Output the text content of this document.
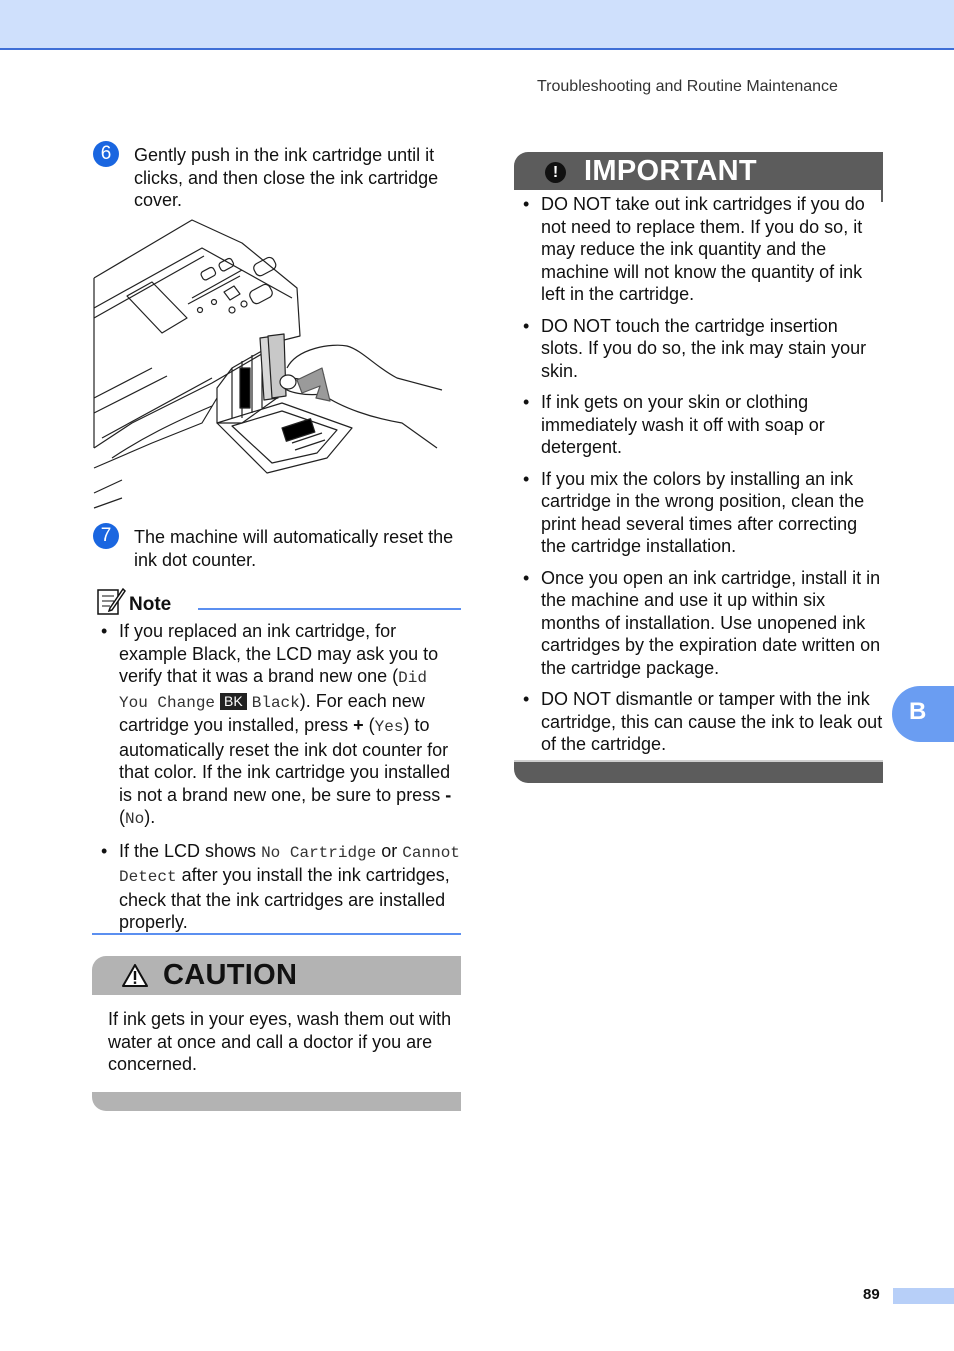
Troubleshooting and Routine Maintenance
6	Gently push in the ink cartridge until it clicks, and then close the ink cartridge cover.
7	The machine will automatically reset the ink dot counter.
Note
• If you replaced an ink cartridge, for example Black, the LCD may ask you to verify that it was a brand new one (Did You Change BK Black). For each new cartridge you installed, press + (Yes) to automatically reset the ink dot counter for that color. If the ink cartridge you installed is not a brand new one, be sure to press - (No).
• If the LCD shows No Cartridge or Cannot Detect after you install the ink cartridges, check that the ink cartridges are installed properly.
CAUTION
If ink gets in your eyes, wash them out with water at once and call a doctor if you are concerned.
! IMPORTANT
• DO NOT take out ink cartridges if you do not need to replace them. If you do so, it may reduce the ink quantity and the machine will not know the quantity of ink left in the cartridge.
• DO NOT touch the cartridge insertion slots. If you do so, the ink may stain your skin.
• If ink gets on your skin or clothing immediately wash it off with soap or detergent.
• If you mix the colors by installing an ink cartridge in the wrong position, clean the print head several times after correcting the cartridge installation.
• Once you open an ink cartridge, install it in the machine and use it up within six months of installation. Use unopened ink cartridges by the expiration date written on the cartridge package.
• DO NOT dismantle or tamper with the ink cartridge, this can cause the ink to leak out of the cartridge.
B
89
